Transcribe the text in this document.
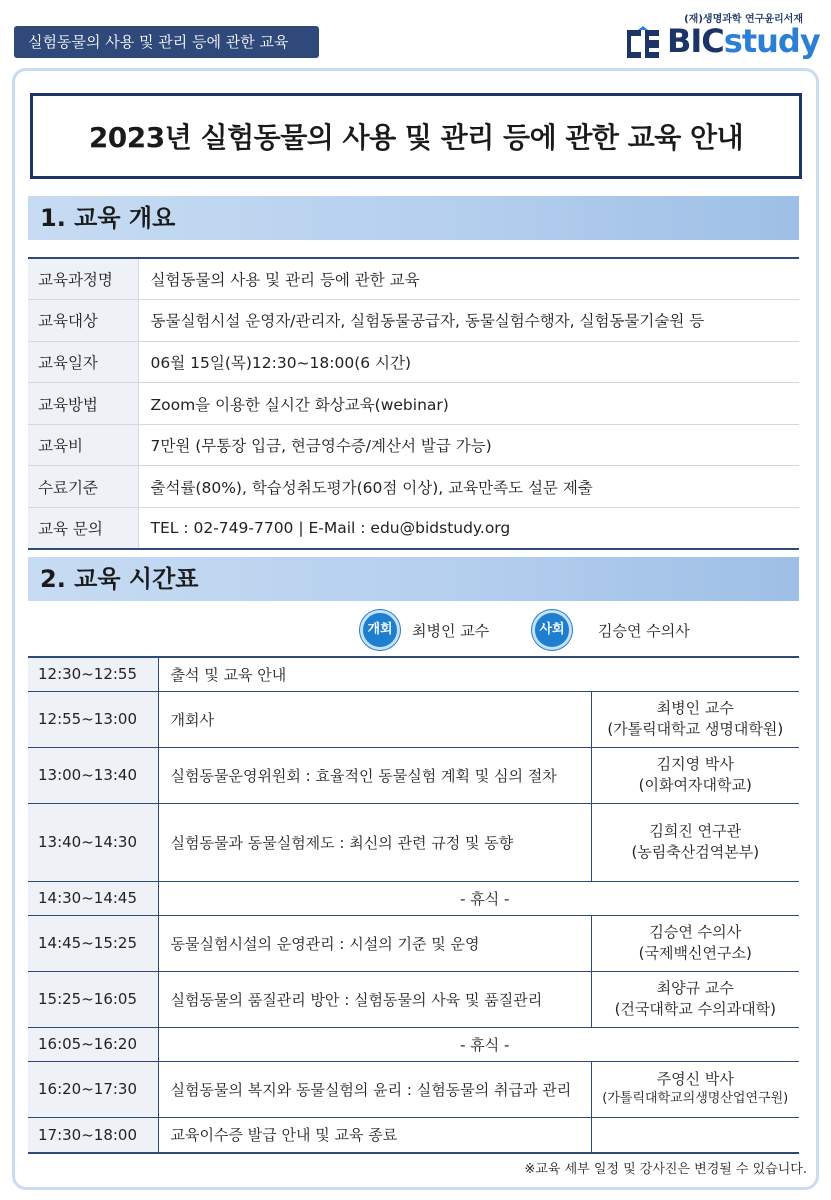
실험동물의 사용 및 관리 등에 관한 교육
(재)생명과학 연구윤리서재
BICstudy
2023년 실험동물의 사용 및 관리 등에 관한 교육 안내
1. 교육 개요
교육과정명	실험동물의 사용 및 관리 등에 관한 교육
교육대상	동물실험시설 운영자/관리자, 실험동물공급자, 동물실험수행자, 실험동물기술원 등
교육일자	06월 15일(목)12:30~18:00(6 시간)
교육방법	Zoom을 이용한 실시간 화상교육(webinar)
교육비	7만원 (무통장 입금, 현금영수증/계산서 발급 가능)
수료기준	출석률(80%), 학습성취도평가(60점 이상), 교육만족도 설문 제출
교육 문의	TEL : 02-749-7700 | E-Mail : edu@bidstudy.org
2. 교육 시간표
개회	최병인 교수	사회	김승연 수의사
12:30~12:55	출석 및 교육 안내	
12:55~13:00	개회사	최병인 교수
(가톨릭대학교 생명대학원)

13:00~13:40	실험동물운영위원회 : 효율적인 동물실험 계획 및 심의 절차	김지영 박사
(이화여자대학교)

13:40~14:30	실험동물과 동물실험제도 : 최신의 관련 규정 및 동향	김희진 연구관
(농림축산검역본부)

14:30~14:45	- 휴식 -	
14:45~15:25	동물실험시설의 운영관리 : 시설의 기준 및 운영	김승연 수의사
(국제백신연구소)

15:25~16:05	실험동물의 품질관리 방안 : 실험동물의 사육 및 품질관리	최양규 교수
(건국대학교 수의과대학)

16:05~16:20	- 휴식 -	
16:20~17:30	실험동물의 복지와 동물실험의 윤리 : 실험동물의 취급과 관리	주영신 박사
(가톨릭대학교의생명산업연구원)

17:30~18:00	교육이수증 발급 안내 및 교육 종료	
※교육 세부 일정 및 강사진은 변경될 수 있습니다.
